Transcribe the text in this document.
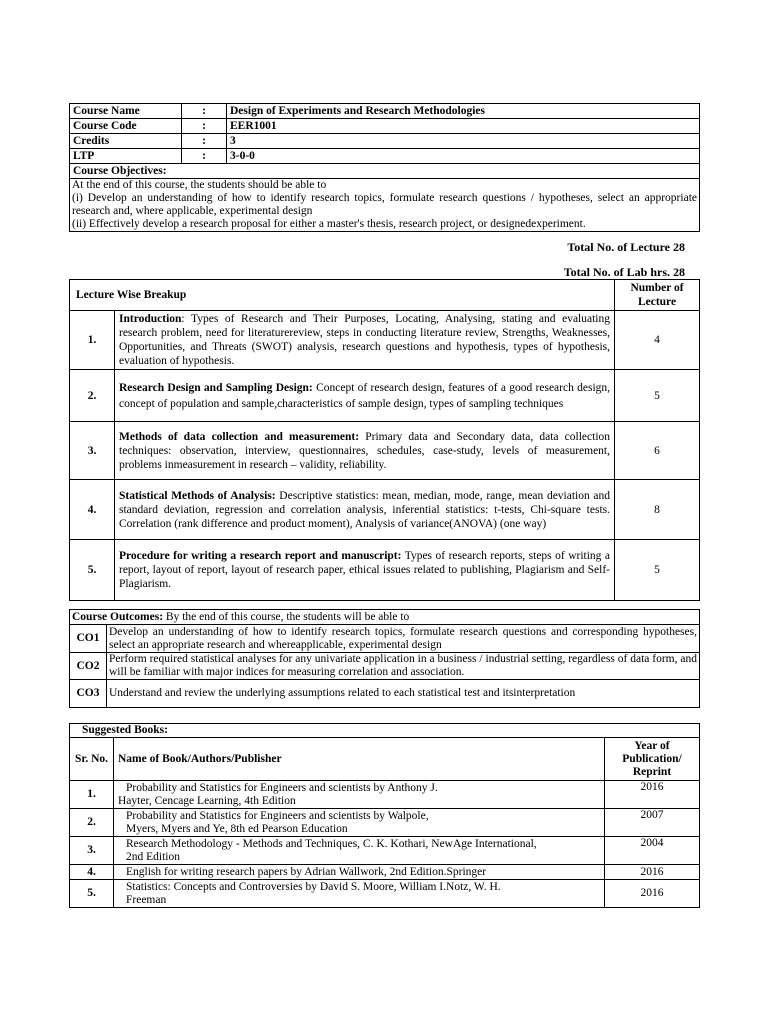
Course Name	:	Design of Experiments and Research Methodologies
Course Code	:	EER1001
Credits	:	3
LTP	:	3-0-0
Course Objectives:		

At the end of this course, the students should be able to
(i) Develop an understanding of how to identify research topics, formulate research questions / hypotheses, select an appropriate research and, where applicable, experimental design
(ii) Effectively develop a research proposal for either a master's thesis, research project, or designedexperiment.		
Total No. of Lecture 28
Total No. of Lab hrs. 28
Lecture Wise Breakup		Number of Lecture
1.	Introduction: Types of Research and Their Purposes, Locating, Analysing, stating and evaluating research problem, need for literaturereview, steps in conducting literature review, Strengths, Weaknesses, Opportunities, and Threats (SWOT) analysis, research questions and hypothesis, types of hypothesis, evaluation of hypothesis.	4
2.	Research Design and Sampling Design: Concept of research design, features of a good research design, concept of population and sample,characteristics of sample design, types of sampling techniques	5
3.	Methods of data collection and measurement: Primary data and Secondary data, data collection techniques: observation, interview, questionnaires, schedules, case-study, levels of measurement, problems inmeasurement in research – validity, reliability.	6
4.	Statistical Methods of Analysis: Descriptive statistics: mean, median, mode, range, mean deviation and standard deviation, regression and correlation analysis, inferential statistics: t-tests, Chi-square tests. Correlation (rank difference and product moment), Analysis of variance(ANOVA) (one way)	8
5.	Procedure for writing a research report and manuscript: Types of research reports, steps of writing a report, layout of report, layout of research paper, ethical issues related to publishing, Plagiarism and Self-Plagiarism.	5
Course Outcomes: By the end of this course, the students will be able to	
CO1	Develop an understanding of how to identify research topics, formulate research questions and corresponding hypotheses, select an appropriate research and whereapplicable, experimental design
CO2	Perform required statistical analyses for any univariate application in a business / industrial setting, regardless of data form, and will be familiar with major indices for measuring correlation and association.
CO3	Understand and review the underlying assumptions related to each statistical test and itsinterpretation
Suggested Books:		
Sr. No.	Name of Book/Authors/Publisher	Year of Publication/ Reprint
1.	Probability and Statistics for Engineers and scientists by Anthony J.
Hayter, Cencage Learning, 4th Edition	2016
2.	Probability and Statistics for Engineers and scientists by Walpole,
Myers, Myers and Ye, 8th ed Pearson Education	2007
3.	Research Methodology - Methods and Techniques, C. K. Kothari, NewAge International,
2nd Edition	2004
4.	English for writing research papers by Adrian Wallwork, 2nd Edition.Springer	2016
5.	Statistics: Concepts and Controversies by David S. Moore, William I.Notz, W. H.
Freeman	2016
